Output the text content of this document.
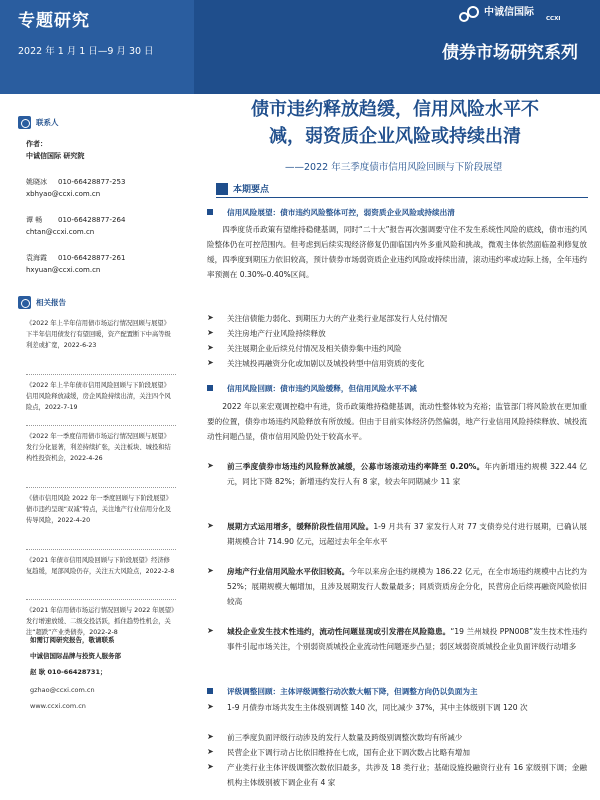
专题研究
2022 年 1 月 1 日—9 月 30 日
中诚信国际
CCXI
债券市场研究系列
联系人
作者：
中诚信国际 研究院
姚晓冰 010-66428877-253
xbhyao@ccxi.com.cn
谭 畅 010-66428877-264
chtan@ccxi.com.cn
袁海霞 010-66428877-261
hxyuan@ccxi.com.cn
相关报告
《2022 年上半年信用债市场运行情况回顾与展望》下半年信用债发行有望回暖，资产配置断下中高等级利差或扩宽，2022-6-23
《2022 年上半年债市信用风险回顾与下阶段展望》信用风险释放减缓，房企风险持续出清，关注四个风险点，2022-7-19
《2022 年一季度信用债市场运行情况回顾与展望》发行分化显著，利差持续扩张，关注板块、城投和结构性投资机会，2022-4-26
《债市信用风险 2022 年一季度回顾与下阶段展望》债市违约呈现“双减”特点，关注地产行业信用分化及传导风险，2022-4-20
《2021 年债市信用风险回顾与下阶段展望》经济修复趋缓，尾部风险仍存，关注五大风险点，2022-2-8
《2021 年信用债市场运行情况回顾与 2022 年展望》发行增速放缓、二级交投活跃，抓住趋势性机会，关注“超跌”产业类债券，2022-2-8
如需订阅研究报告，敬请联系
中诚信国际品牌与投资人服务部
赵 耿 010-66428731；
gzhao@ccxi.com.cn
www.ccxi.com.cn
债市违约释放趋缓，信用风险水平不
减，弱资质企业风险或持续出清
——2022 年三季度债市信用风险回顾与下阶段展望
本期要点
信用风险展望：债市违约风险整体可控，弱资质企业风险或持续出清
四季度货币政策有望维持稳健基调，同时“二十大”报告再次强调要守住不发生系统性风险的底线，债市违约风险整体仍在可控范围内。但考虑到后续实现经济修复仍面临国内外多重风险和挑战，微观主体依然面临盈利修复放缓，四季度到期压力依旧较高，预计债券市场弱资质企业违约风险或持续出清，滚动违约率或边际上扬，全年违约率预测在 0.30%-0.40%区间。
➤	关注信债能力弱化、到期压力大的产业类行业尾部发行人兑付情况
➤	关注房地产行业风险持续释放
➤	关注展期企业后续兑付情况及相关债券集中违约风险
➤	关注城投再融资分化或加剧以及城投转型中信用资质的变化
信用风险回顾：债市违约风险缓释，但信用风险水平不减
2022 年以来宏观调控稳中有进，货币政策维持稳健基调，流动性整体较为充裕；监管部门将风险放在更加重要的位置，债券市场违约风险释放有所放缓。但由于目前实体经济仍然偏弱，地产行业信用风险持续释放、城投流动性问题凸显，债市信用风险仍处于较高水平。
➤	前三季度债券市场违约风险释放减缓，公募市场滚动违约率降至 0.20%。年内新增违约规模 322.44 亿元，同比下降 82%；新增违约发行人有 8 家，较去年同期减少 11 家
➤	展期方式运用增多，缓释阶段性信用风险。1-9 月共有 37 家发行人对 77 支债券兑付进行展期，已确认展期规模合计 714.90 亿元，远超过去年全年水平
➤	房地产行业信用风险水平依旧较高。今年以来房企违约规模为 186.22 亿元，在全市场违约规模中占比约为 52%；展期规模大幅增加，且涉及展期发行人数量最多；同质资质房企分化，民营房企后续再融资风险依旧较高
➤	城投企业发生技术性违约，流动性问题显现或引发潜在风险隐患。“19 兰州城投 PPN008”发生技术性违约事件引起市场关注，个别弱资质城投企业流动性问题逐步凸显；弱区域弱资质城投企业负面评级行动增多
评级调整回顾：主体评级调整行动次数大幅下降，但调整方向仍以负面为主
➤	1-9 月债券市场共发生主体级别调整 140 次，同比减少 37%，其中主体级别下调 120 次
➤	前三季度负面评级行动涉及的发行人数量及跨级别调整次数均有所减少
➤	民营企业下调行动占比依旧维持在七成，国有企业下调次数占比略有增加
➤	产业类行业主体评级调整次数依旧最多，共涉及 18 类行业；基础设施投融资行业有 16 家级别下调；金融机构主体级别被下调企业有 4 家
